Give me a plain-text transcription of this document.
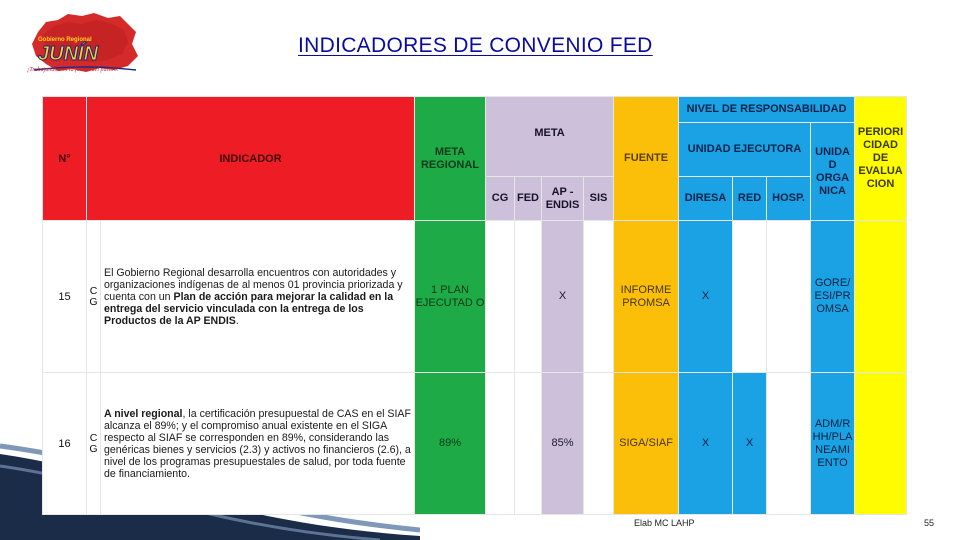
Gobierno Regional
JUNÍN
¡Trabajando con la fuerza del pueblo!
INDICADORES DE CONVENIO FED
N°	INDICADOR		META REGIONAL	META				FUENTE	NIVEL DE RESPONSABILIDAD				PERIORI CIDAD DE EVALUA CION
									UNIDAD EJECUTORA			UNIDA D ORGA NICA	
				CG	FED	AP - ENDIS	SIS		DIRESA	RED	HOSP.		
15	C G	El Gobierno Regional desarrolla encuentros con autoridades y organizaciones indígenas de al menos 01 provincia priorizada y cuenta con un Plan de acción para mejorar la calidad en la entrega del servicio vinculada con la entrega de los Productos de la AP ENDIS.	1 PLAN EJECUTAD O			X		INFORME PROMSA	X			GORE/ ESI/PR OMSA	
16	C G	A nivel regional, la certificación presupuestal de CAS en el SIAF alcanza el 89%; y el compromiso anual existente en el SIGA respecto al SIAF se corresponden en 89%, considerando las genéricas bienes y servicios (2.3) y activos no financieros (2.6), a nivel de los programas presupuestales de salud, por toda fuente de financiamiento.	89%			85%		SIGA/SIAF	X	X		ADM/R HH/PLA NEAMI ENTO	
Elab MC LAHP	55
